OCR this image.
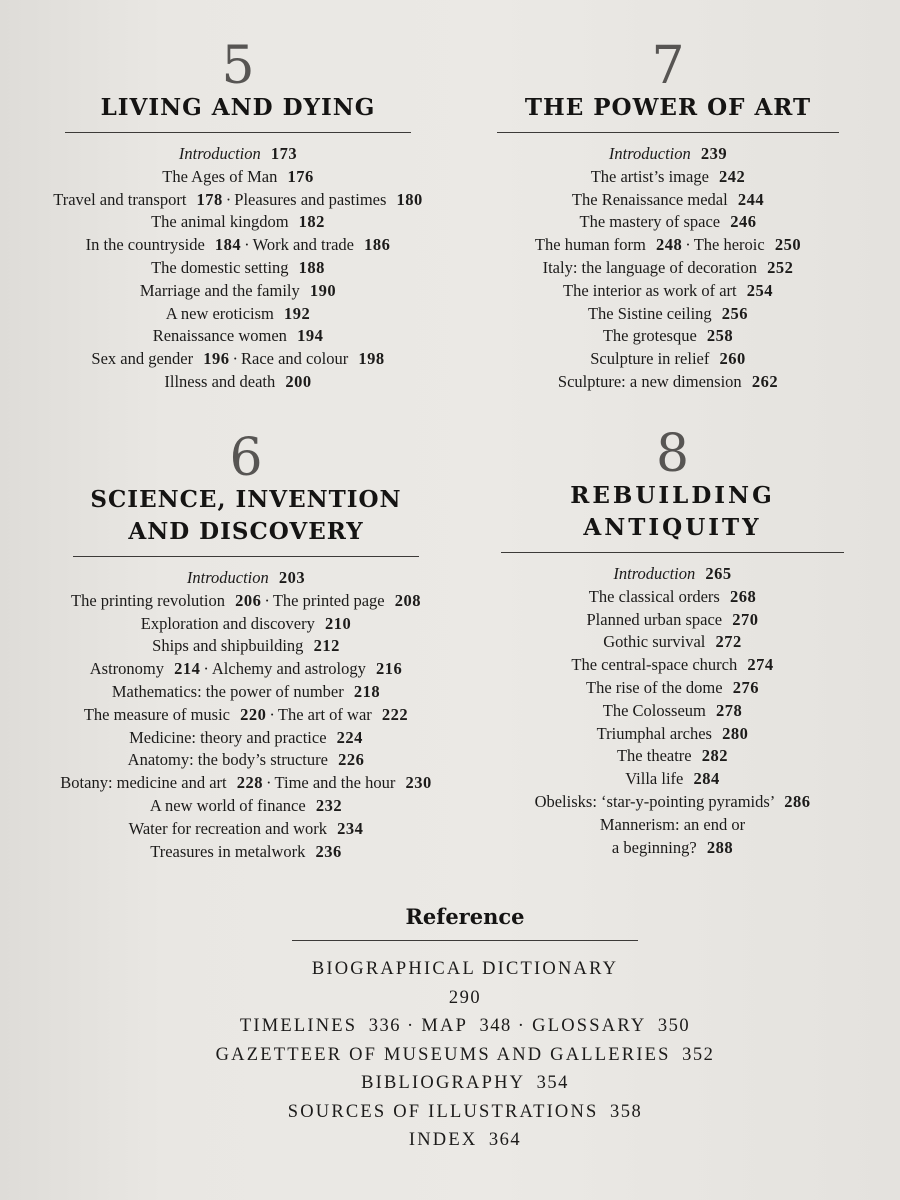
5
LIVING AND DYING
Introduction 173
The Ages of Man 176
Travel and transport 178 · Pleasures and pastimes 180
The animal kingdom 182
In the countryside 184 · Work and trade 186
The domestic setting 188
Marriage and the family 190
A new eroticism 192
Renaissance women 194
Sex and gender 196 · Race and colour 198
Illness and death 200
7
THE POWER OF ART
Introduction 239
The artist’s image 242
The Renaissance medal 244
The mastery of space 246
The human form 248 · The heroic 250
Italy: the language of decoration 252
The interior as work of art 254
The Sistine ceiling 256
The grotesque 258
Sculpture in relief 260
Sculpture: a new dimension 262
6
SCIENCE, INVENTION
AND DISCOVERY
Introduction 203
The printing revolution 206 · The printed page 208
Exploration and discovery 210
Ships and shipbuilding 212
Astronomy 214 · Alchemy and astrology 216
Mathematics: the power of number 218
The measure of music 220 · The art of war 222
Medicine: theory and practice 224
Anatomy: the body’s structure 226
Botany: medicine and art 228 · Time and the hour 230
A new world of finance 232
Water for recreation and work 234
Treasures in metalwork 236
8
REBUILDING
ANTIQUITY
Introduction 265
The classical orders 268
Planned urban space 270
Gothic survival 272
The central-space church 274
The rise of the dome 276
The Colosseum 278
Triumphal arches 280
The theatre 282
Villa life 284
Obelisks: ‘star-y-pointing pyramids’ 286
Mannerism: an end or
a beginning? 288
Reference
BIOGRAPHICAL DICTIONARY
290
TIMELINES  336 · MAP  348 · GLOSSARY  350
GAZETTEER OF MUSEUMS AND GALLERIES  352
BIBLIOGRAPHY  354
SOURCES OF ILLUSTRATIONS  358
INDEX  364
